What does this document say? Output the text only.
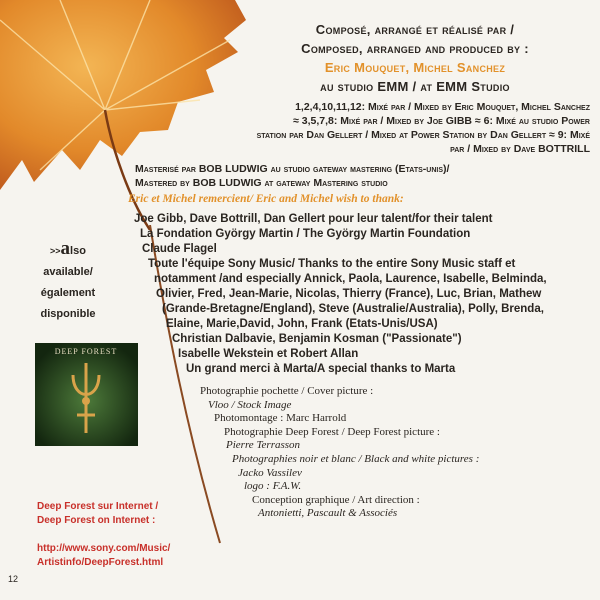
Composé, arrangé et réalisé par /
Composed, arranged and produced by :
Eric Mouquet, Michel Sanchez
au studio EMM / at EMM Studio
1,2,4,10,11,12: Mixé par / Mixed by Eric Mouquet, Michel Sanchez
≈ 3,5,7,8: Mixé par / Mixed by Joe GIBB ≈ 6: Mixé au studio Power
station par Dan Gellert / Mixed at Power Station by Dan Gellert ≈ 9: Mixé
par / Mixed by Dave BOTTRILL
Masterisé par BOB LUDWIG au studio gateway mastering (Etats-unis)/
Mastered by BOB LUDWIG at gateway Mastering studio
Eric et Michel remercient/ Eric and Michel wish to thank:
Joe Gibb, Dave Bottrill, Dan Gellert pour leur talent/for their talent
La Fondation György Martin / The György Martin Foundation
Claude Flagel
Toute l'équipe Sony Music/ Thanks to the entire Sony Music staff et
notamment /and especially Annick, Paola, Laurence, Isabelle, Belminda,
Olivier, Fred, Jean-Marie, Nicolas, Thierry (France), Luc, Brian, Mathew
(Grande-Bretagne/England), Steve (Australie/Australia), Polly, Brenda,
Elaine, Marie,David, John, Frank (Etats-Unis/USA)
Christian Dalbavie, Benjamin Kosman ("Passionate")
Isabelle Wekstein et Robert Allan
Un grand merci à Marta/A special thanks to Marta
>>also
available/
également
disponible
DEEP FOREST
Photographie pochette / Cover picture :
Vloo / Stock Image
Photomontage : Marc Harrold
Photographie Deep Forest / Deep Forest picture :
Pierre Terrasson
Photographies noir et blanc / Black and white pictures :
Jacko Vassilev
logo : F.A.W.
Conception graphique / Art direction :
Antonietti, Pascault & Associés
Deep Forest sur Internet /
Deep Forest on Internet :
http://www.sony.com/Music/
Artistinfo/DeepForest.html
12
